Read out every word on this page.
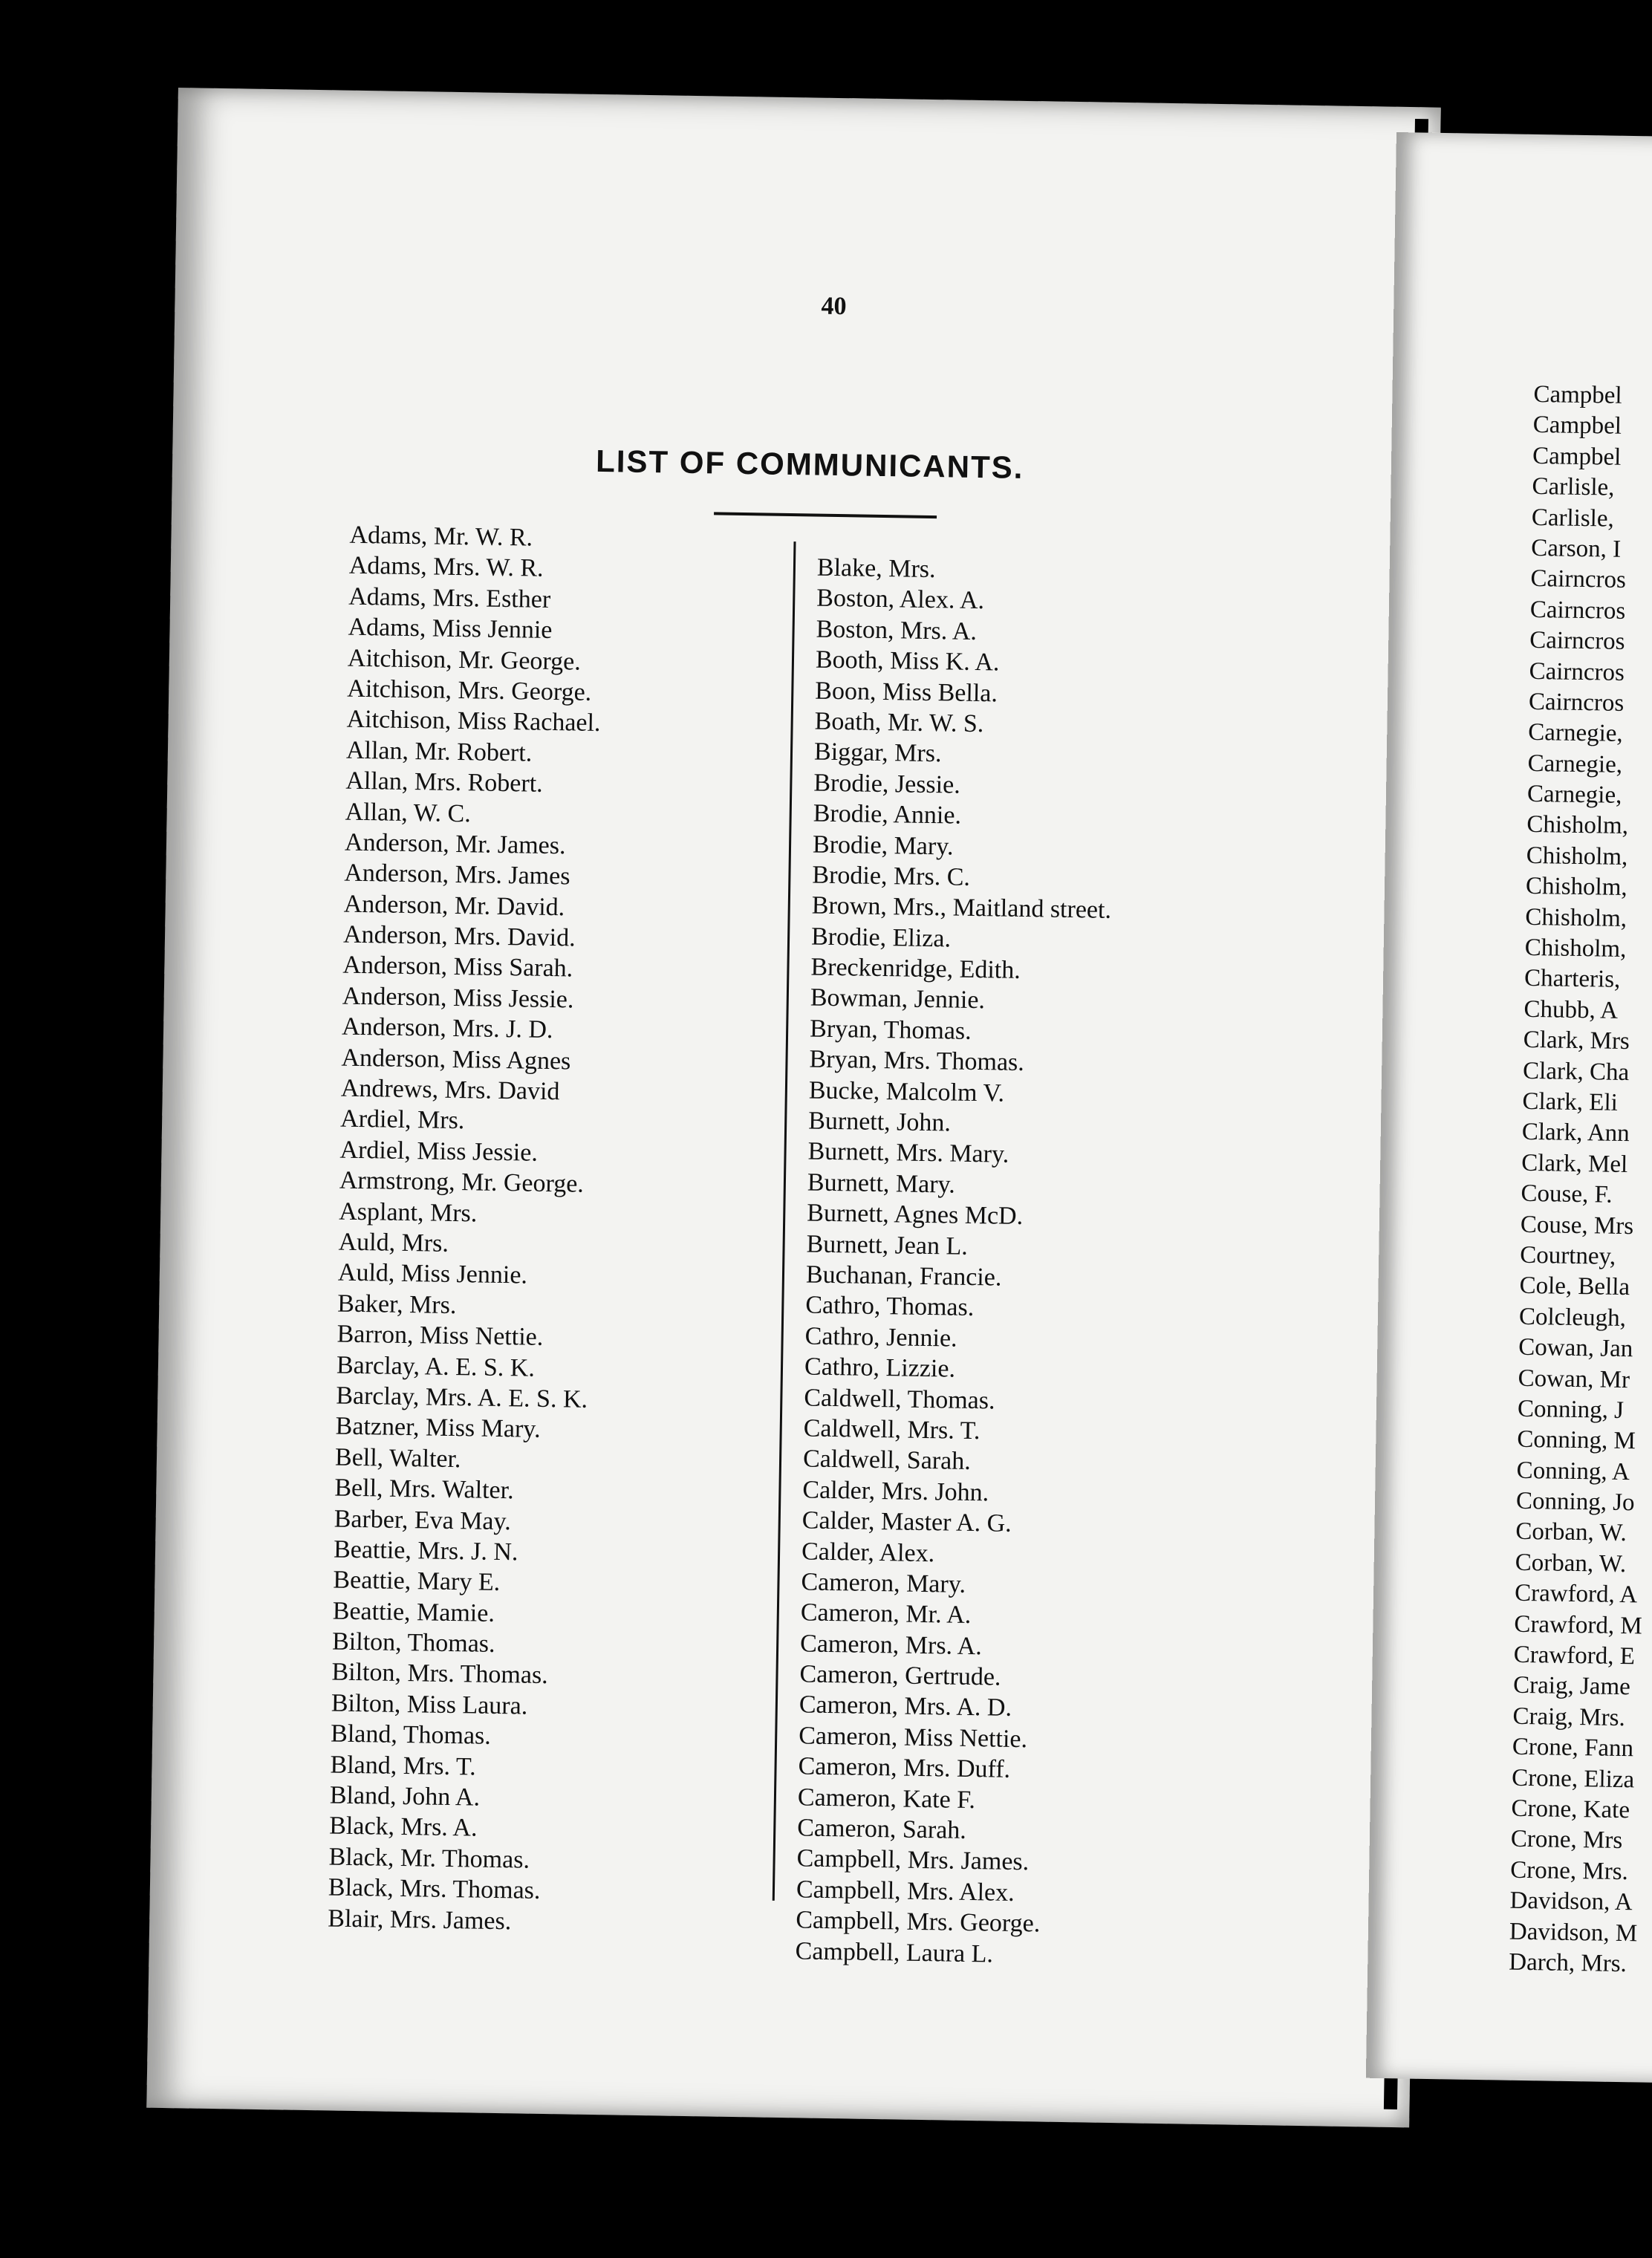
40
LIST OF COMMUNICANTS.
Adams, Mr. W. R.
Adams, Mrs. W. R.
Adams, Mrs. Esther
Adams, Miss Jennie
Aitchison, Mr. George.
Aitchison, Mrs. George.
Aitchison, Miss Rachael.
Allan, Mr. Robert.
Allan, Mrs. Robert.
Allan, W. C.
Anderson, Mr. James.
Anderson, Mrs. James
Anderson, Mr. David.
Anderson, Mrs. David.
Anderson, Miss Sarah.
Anderson, Miss Jessie.
Anderson, Mrs. J. D.
Anderson, Miss Agnes
Andrews, Mrs. David
Ardiel, Mrs.
Ardiel, Miss Jessie.
Armstrong, Mr. George.
Asplant, Mrs.
Auld, Mrs.
Auld, Miss Jennie.
Baker, Mrs.
Barron, Miss Nettie.
Barclay, A. E. S. K.
Barclay, Mrs. A. E. S. K.
Batzner, Miss Mary.
Bell, Walter.
Bell, Mrs. Walter.
Barber, Eva May.
Beattie, Mrs. J. N.
Beattie, Mary E.
Beattie, Mamie.
Bilton, Thomas.
Bilton, Mrs. Thomas.
Bilton, Miss Laura.
Bland, Thomas.
Bland, Mrs. T.
Bland, John A.
Black, Mrs. A.
Black, Mr. Thomas.
Black, Mrs. Thomas.
Blair, Mrs. James.
Blake, Mrs.
Boston, Alex. A.
Boston, Mrs. A.
Booth, Miss K. A.
Boon, Miss Bella.
Boath, Mr. W. S.
Biggar, Mrs.
Brodie, Jessie.
Brodie, Annie.
Brodie, Mary.
Brodie, Mrs. C.
Brown, Mrs., Maitland street.
Brodie, Eliza.
Breckenridge, Edith.
Bowman, Jennie.
Bryan, Thomas.
Bryan, Mrs. Thomas.
Bucke, Malcolm V.
Burnett, John.
Burnett, Mrs. Mary.
Burnett, Mary.
Burnett, Agnes McD.
Burnett, Jean L.
Buchanan, Francie.
Cathro, Thomas.
Cathro, Jennie.
Cathro, Lizzie.
Caldwell, Thomas.
Caldwell, Mrs. T.
Caldwell, Sarah.
Calder, Mrs. John.
Calder, Master A. G.
Calder, Alex.
Cameron, Mary.
Cameron, Mr. A.
Cameron, Mrs. A.
Cameron, Gertrude.
Cameron, Mrs. A. D.
Cameron, Miss Nettie.
Cameron, Mrs. Duff.
Cameron, Kate F.
Cameron, Sarah.
Campbell, Mrs. James.
Campbell, Mrs. Alex.
Campbell, Mrs. George.
Campbell, Laura L.
Campbel
Campbel
Campbel
Carlisle,
Carlisle,
Carson, I
Cairncros
Cairncros
Cairncros
Cairncros
Cairncros
Carnegie,
Carnegie,
Carnegie,
Chisholm,
Chisholm,
Chisholm,
Chisholm,
Chisholm,
Charteris,
Chubb, A
Clark, Mrs
Clark, Cha
Clark, Eli
Clark, Ann
Clark, Mel
Couse, F.
Couse, Mrs
Courtney,
Cole, Bella
Colcleugh,
Cowan, Jan
Cowan, Mr
Conning, J
Conning, M
Conning, A
Conning, Jo
Corban, W.
Corban, W.
Crawford, A
Crawford, M
Crawford, E
Craig, Jame
Craig, Mrs.
Crone, Fann
Crone, Eliza
Crone, Kate
Crone, Mrs
Crone, Mrs.
Davidson, A
Davidson, M
Darch, Mrs.
